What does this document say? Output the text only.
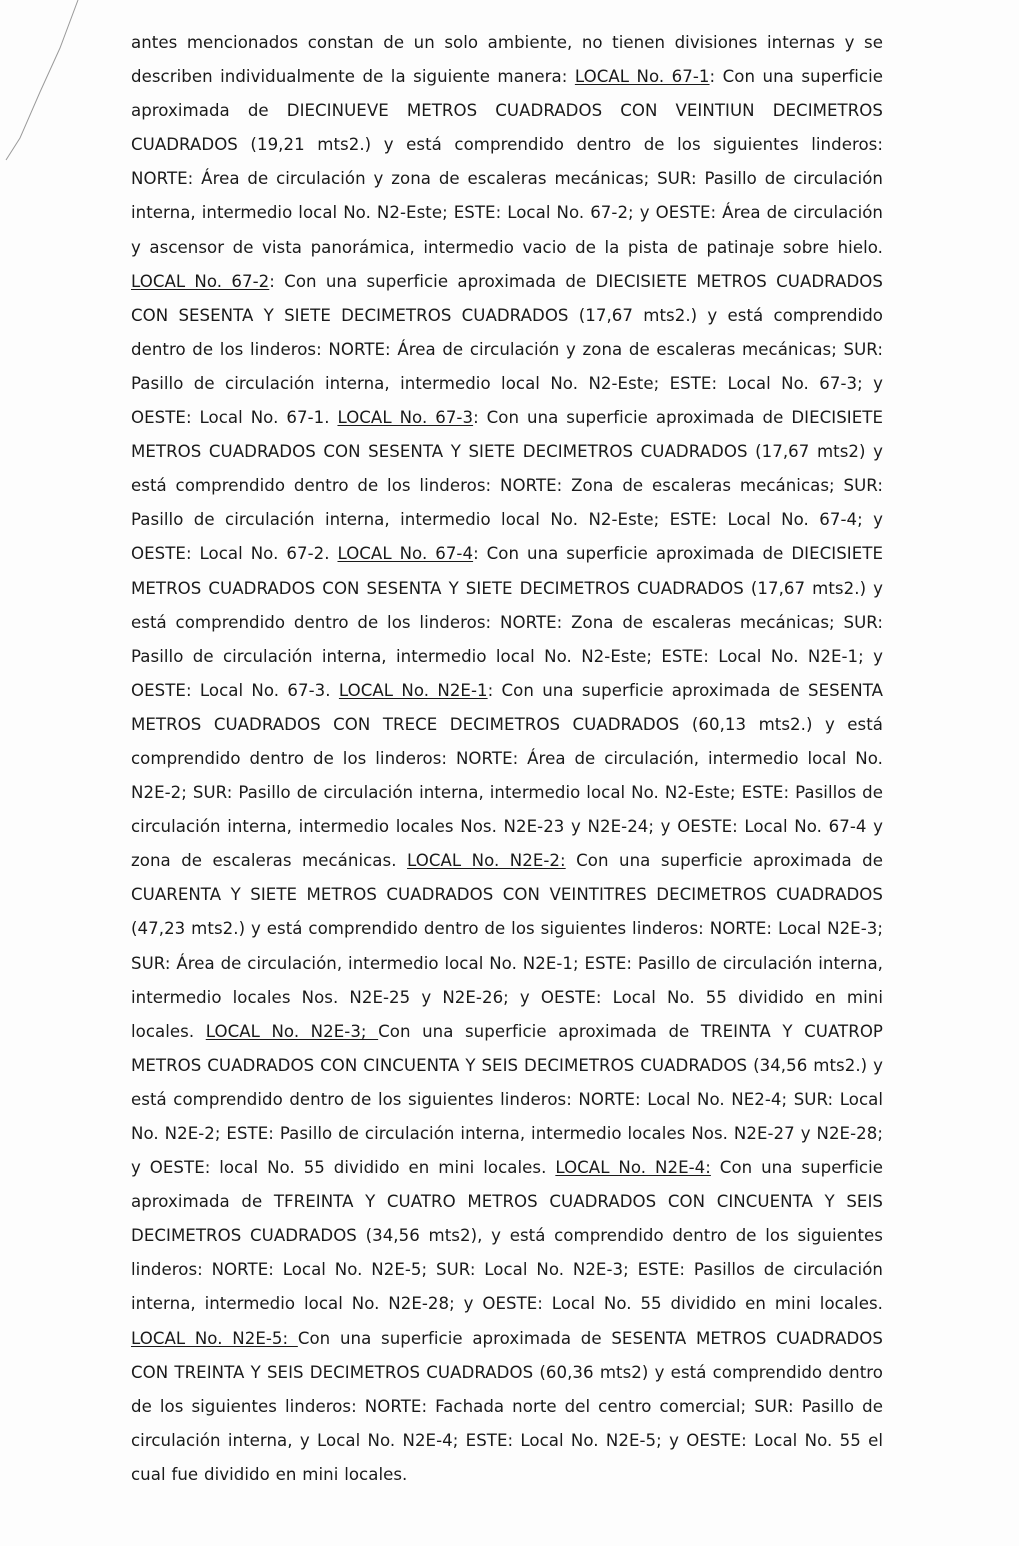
antes mencionados constan de un solo ambiente, no tienen divisiones internas y se describen individualmente de la siguiente manera: LOCAL No. 67-1: Con una superficie aproximada de DIECINUEVE METROS CUADRADOS CON VEINTIUN DECIMETROS CUADRADOS (19,21 mts2.) y está comprendido dentro de los siguientes linderos: NORTE: Área de circulación y zona de escaleras mecánicas; SUR: Pasillo de circulación interna, intermedio local No. N2-Este; ESTE: Local No. 67-2; y OESTE: Área de circulación y ascensor de vista panorámica, intermedio vacio de la pista de patinaje sobre hielo. LOCAL No. 67-2: Con una superficie aproximada de DIECISIETE METROS CUADRADOS CON SESENTA Y SIETE DECIMETROS CUADRADOS (17,67 mts2.) y está comprendido dentro de los linderos: NORTE: Área de circulación y zona de escaleras mecánicas; SUR: Pasillo de circulación interna, intermedio local No. N2-Este; ESTE: Local No. 67-3; y OESTE: Local No. 67-1. LOCAL No. 67-3: Con una superficie aproximada de DIECISIETE METROS CUADRADOS CON SESENTA Y SIETE DECIMETROS CUADRADOS (17,67 mts2) y está comprendido dentro de los linderos: NORTE: Zona de escaleras mecánicas; SUR: Pasillo de circulación interna, intermedio local No. N2-Este; ESTE: Local No. 67-4; y OESTE: Local No. 67-2. LOCAL No. 67-4: Con una superficie aproximada de DIECISIETE METROS CUADRADOS CON SESENTA Y SIETE DECIMETROS CUADRADOS (17,67 mts2.) y está comprendido dentro de los linderos: NORTE: Zona de escaleras mecánicas; SUR: Pasillo de circulación interna, intermedio local No. N2-Este; ESTE: Local No. N2E-1; y OESTE: Local No. 67-3. LOCAL No. N2E-1: Con una superficie aproximada de SESENTA METROS CUADRADOS CON TRECE DECIMETROS CUADRADOS (60,13 mts2.) y está comprendido dentro de los linderos: NORTE: Área de circulación, intermedio local No. N2E-2; SUR: Pasillo de circulación interna, intermedio local No. N2-Este; ESTE: Pasillos de circulación interna, intermedio locales Nos. N2E-23 y N2E-24; y OESTE: Local No. 67-4 y zona de escaleras mecánicas. LOCAL No. N2E-2: Con una superficie aproximada de CUARENTA Y SIETE METROS CUADRADOS CON VEINTITRES DECIMETROS CUADRADOS (47,23 mts2.) y está comprendido dentro de los siguientes linderos: NORTE: Local N2E-3; SUR: Área de circulación, intermedio local No. N2E-1; ESTE: Pasillo de circulación interna, intermedio locales Nos. N2E-25 y N2E-26; y OESTE: Local No. 55 dividido en mini locales. LOCAL No. N2E-3; Con una superficie aproximada de TREINTA Y CUATROP METROS CUADRADOS CON CINCUENTA Y SEIS DECIMETROS CUADRADOS (34,56 mts2.) y está comprendido dentro de los siguientes linderos: NORTE: Local No. NE2-4; SUR: Local No. N2E-2; ESTE: Pasillo de circulación interna, intermedio locales Nos. N2E-27 y N2E-28; y OESTE: local No. 55 dividido en mini locales. LOCAL No. N2E-4: Con una superficie aproximada de TFREINTA Y CUATRO METROS CUADRADOS CON CINCUENTA Y SEIS DECIMETROS CUADRADOS (34,56 mts2), y está comprendido dentro de los siguientes linderos: NORTE: Local No. N2E-5; SUR: Local No. N2E-3; ESTE: Pasillos de circulación interna, intermedio local No. N2E-28; y OESTE: Local No. 55 dividido en mini locales. LOCAL No. N2E-5: Con una superficie aproximada de SESENTA METROS CUADRADOS CON TREINTA Y SEIS DECIMETROS CUADRADOS (60,36 mts2) y está comprendido dentro de los siguientes linderos: NORTE: Fachada norte del centro comercial; SUR: Pasillo de circulación interna, y Local No. N2E-4; ESTE: Local No. N2E-5; y OESTE: Local No. 55 el cual fue dividido en mini locales.
